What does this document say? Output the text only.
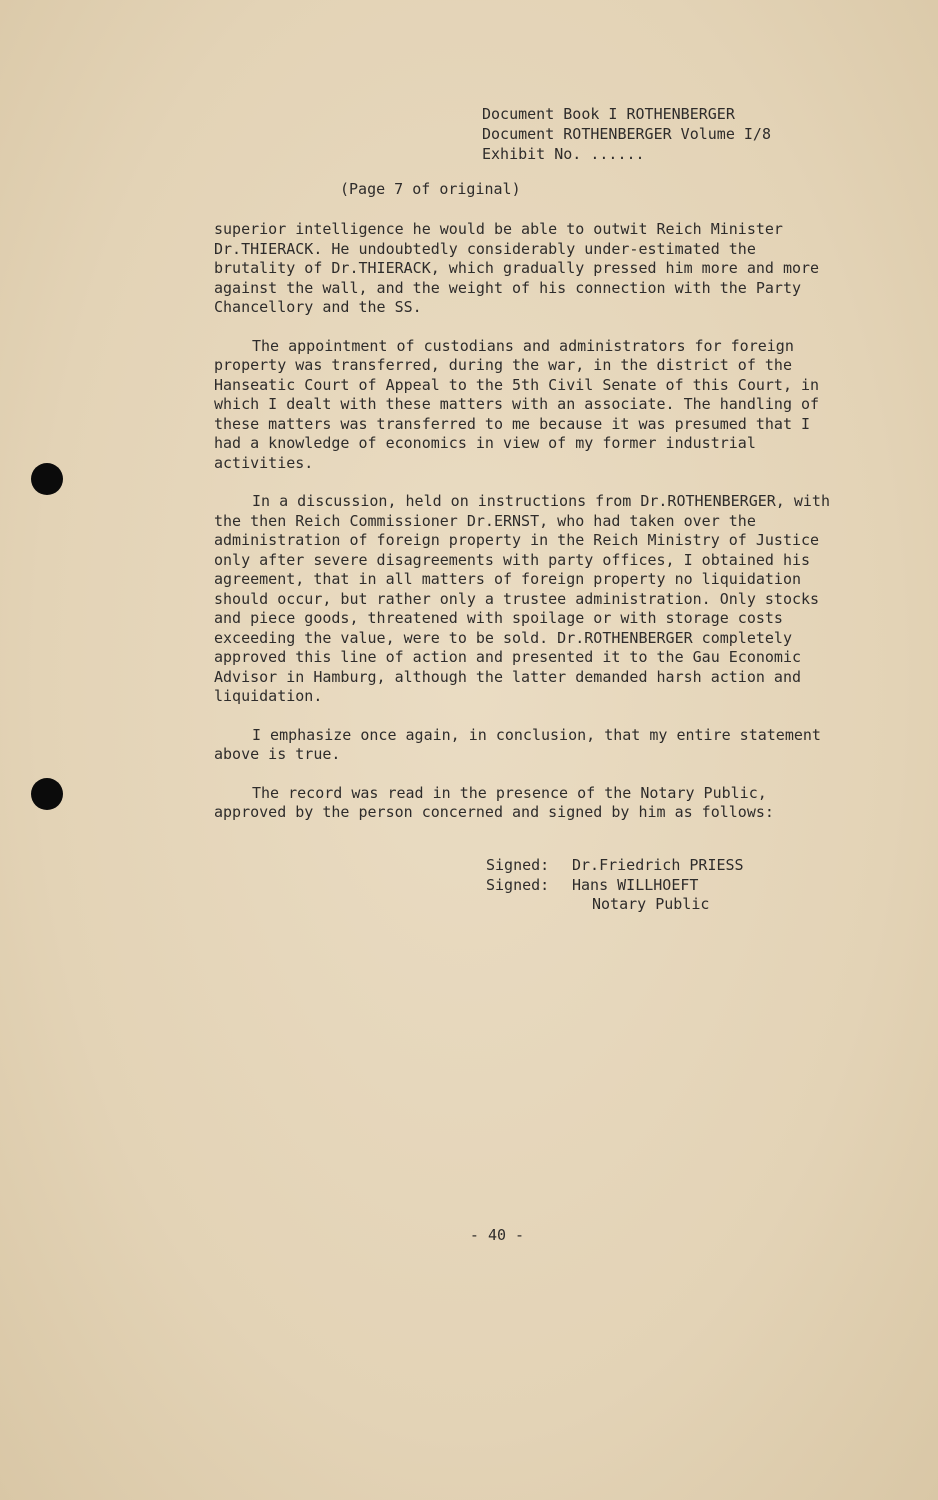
Document Book I ROTHENBERGER
Document ROTHENBERGER Volume I/8
Exhibit No. ......
(Page 7 of original)

superior intelligence he would be able to outwit Reich Minister Dr.THIERACK. He undoubtedly considerably under-estimated the brutality of Dr.THIERACK, which gradually pressed him more and more against the wall, and the weight of his connection with the Party Chancellory and the SS.

The appointment of custodians and administrators for foreign property was transferred, during the war, in the district of the Hanseatic Court of Appeal to the 5th Civil Senate of this Court, in which I dealt with these matters with an associate. The handling of these matters was transferred to me because it was presumed that I had a knowledge of economics in view of my former industrial activities.

In a discussion, held on instructions from Dr.ROTHENBERGER, with the then Reich Commissioner Dr.ERNST, who had taken over the administration of foreign property in the Reich Ministry of Justice only after severe disagreements with party offices, I obtained his agreement, that in all matters of foreign property no liquidation should occur, but rather only a trustee administration. Only stocks and piece goods, threatened with spoilage or with storage costs exceeding the value, were to be sold. Dr.ROTHENBERGER completely approved this line of action and presented it to the Gau Economic Advisor in Hamburg, although the latter demanded harsh action and liquidation.

I emphasize once again, in conclusion, that my entire statement above is true.

The record was read in the presence of the Notary Public, approved by the person concerned and signed by him as follows:

Signed:	Dr.Friedrich PRIESS
Signed:	Hans WILLHOEFT
Notary Public
- 40 -
